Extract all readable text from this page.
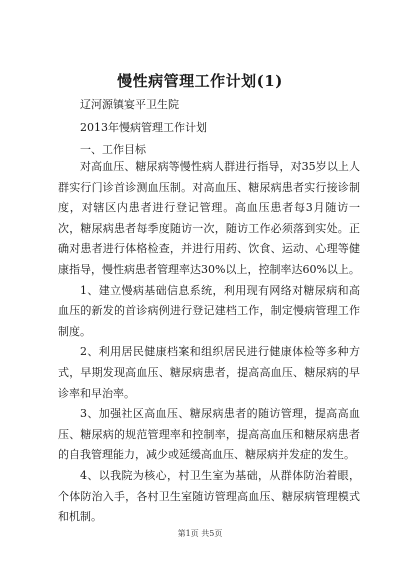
慢性病管理工作计划(1)
辽河源镇宴平卫生院
2013年慢病管理工作计划
一、工作目标

对高血压、糖尿病等慢性病人群进行指导，对35岁以上人群实行门诊首诊测血压制。对高血压、糖尿病患者实行接诊制度，对辖区内患者进行登记管理。高血压患者每3月随访一次，糖尿病患者每季度随访一次，随访工作必须落到实处。正确对患者进行体格检查，并进行用药、饮食、运动、心理等健康指导，慢性病患者管理率达30%以上，控制率达60%以上。

1、建立慢病基础信息系统，利用现有网络对糖尿病和高血压的新发的首诊病例进行登记建档工作，制定慢病管理工作制度。

2、利用居民健康档案和组织居民进行健康体检等多种方式，早期发现高血压、糖尿病患者，提高高血压、糖尿病的早诊率和早治率。

3、加强社区高血压、糖尿病患者的随访管理，提高高血压、糖尿病的规范管理率和控制率，提高高血压和糖尿病患者的自我管理能力，减少或延缓高血压、糖尿病并发症的发生。

4、以我院为核心，村卫生室为基础，从群体防治着眼，个体防治入手，各村卫生室随访管理高血压、糖尿病管理模式和机制。

第1页 共5页
